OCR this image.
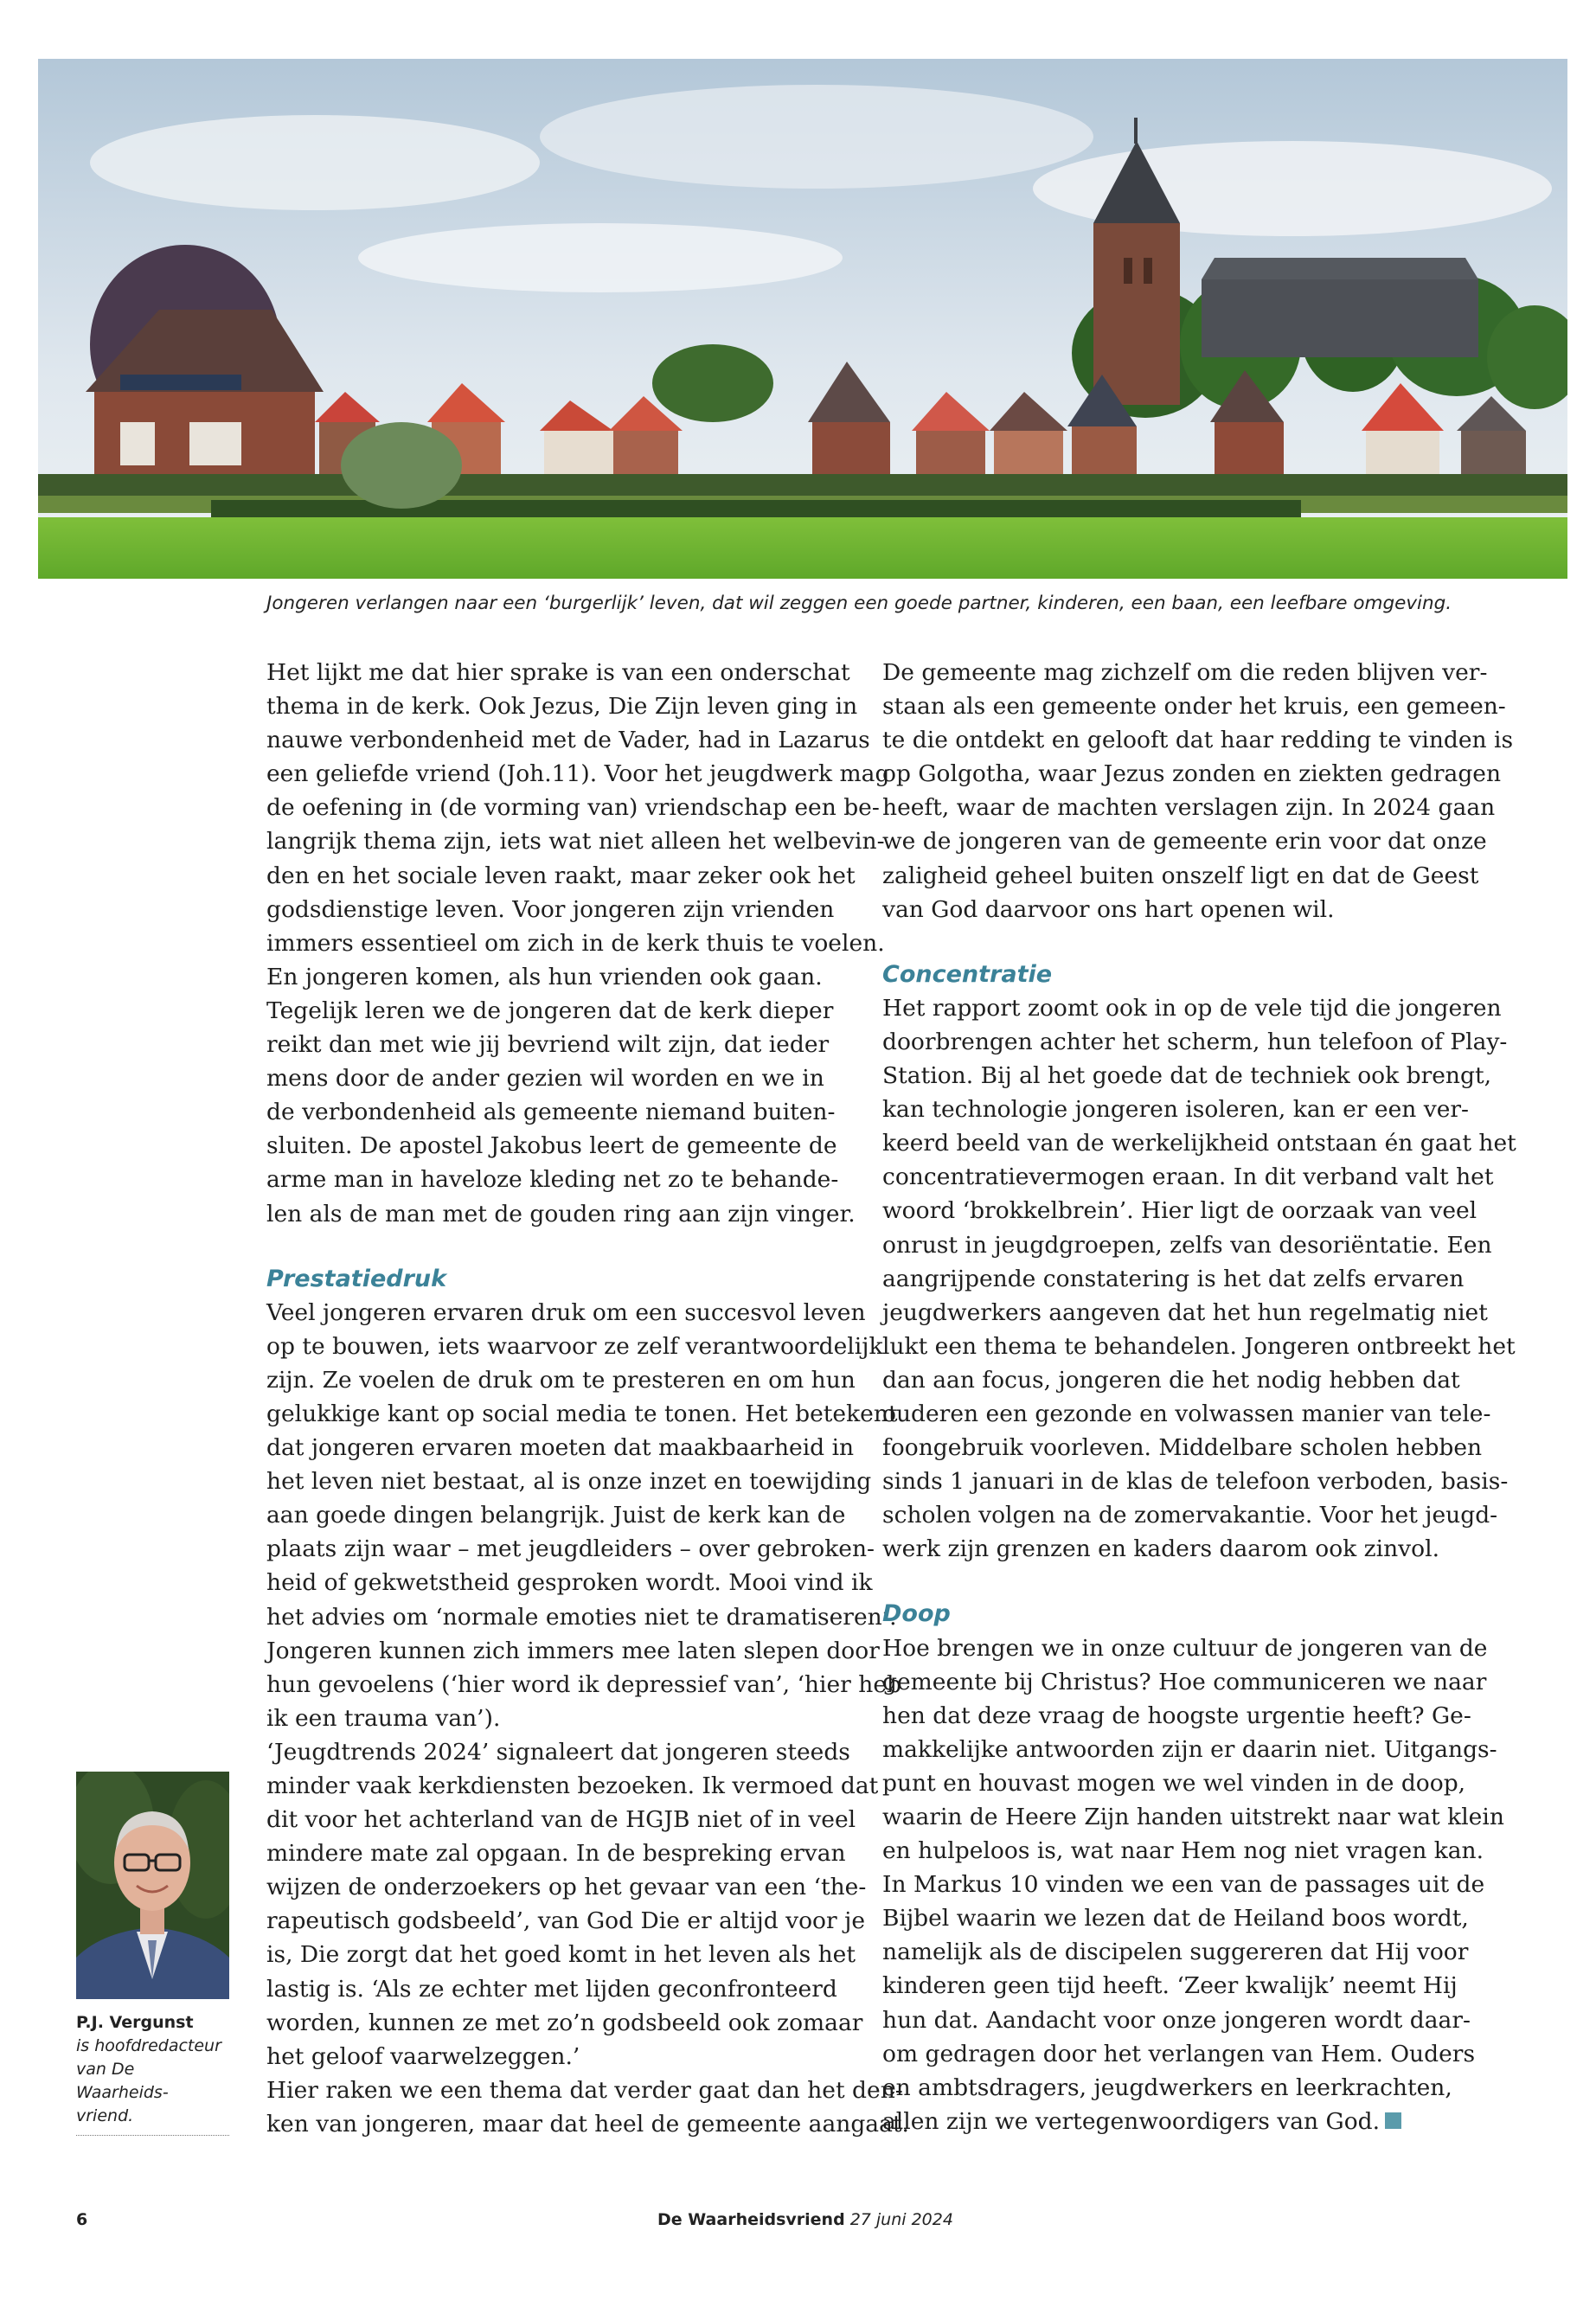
Jongeren verlangen naar een ‘burgerlijk’ leven, dat wil zeggen een goede partner, kinderen, een baan, een leefbare omgeving.
Het lijkt me dat hier sprake is van een onderschat
thema in de kerk. Ook Jezus, Die Zijn leven ging in
nauwe verbondenheid met de Vader, had in Lazarus
een geliefde vriend (Joh.11). Voor het jeugdwerk mag
de oefening in (de vorming van) vriendschap een be-
langrijk thema zijn, iets wat niet alleen het welbevin-
den en het sociale leven raakt, maar zeker ook het
godsdienstige leven. Voor jongeren zijn vrienden
immers essentieel om zich in de kerk thuis te voelen.
En jongeren komen, als hun vrienden ook gaan.
Tegelijk leren we de jongeren dat de kerk dieper
reikt dan met wie jij bevriend wilt zijn, dat ieder
mens door de ander gezien wil worden en we in
de verbondenheid als gemeente niemand buiten-
sluiten. De apostel Jakobus leert de gemeente de
arme man in haveloze kleding net zo te behande-
len als de man met de gouden ring aan zijn vinger.
Prestatiedruk
Veel jongeren ervaren druk om een succesvol leven
op te bouwen, iets waarvoor ze zelf verantwoordelijk
zijn. Ze voelen de druk om te presteren en om hun
gelukkige kant op social media te tonen. Het betekent
dat jongeren ervaren moeten dat maakbaarheid in
het leven niet bestaat, al is onze inzet en toewijding
aan goede dingen belangrijk. Juist de kerk kan de
plaats zijn waar – met jeugdleiders – over gebroken-
heid of gekwetstheid gesproken wordt. Mooi vind ik
het advies om ‘normale emoties niet te dramatiseren’.
Jongeren kunnen zich immers mee laten slepen door
hun gevoelens (‘hier word ik depressief van’, ‘hier heb
ik een trauma van’).
‘Jeugdtrends 2024’ signaleert dat jongeren steeds
minder vaak kerkdiensten bezoeken. Ik vermoed dat
dit voor het achterland van de HGJB niet of in veel
mindere mate zal opgaan. In de bespreking ervan
wijzen de onderzoekers op het gevaar van een ‘the-
rapeutisch godsbeeld’, van God Die er altijd voor je
is, Die zorgt dat het goed komt in het leven als het
lastig is. ‘Als ze echter met lijden geconfronteerd
worden, kunnen ze met zo’n godsbeeld ook zomaar
het geloof vaarwelzeggen.’
Hier raken we een thema dat verder gaat dan het den-
ken van jongeren, maar dat heel de gemeente aangaat.
De gemeente mag zichzelf om die reden blijven ver-
staan als een gemeente onder het kruis, een gemeen-
te die ontdekt en gelooft dat haar redding te vinden is
op Golgotha, waar Jezus zonden en ziekten gedragen
heeft, waar de machten verslagen zijn. In 2024 gaan
we de jongeren van de gemeente erin voor dat onze
zaligheid geheel buiten onszelf ligt en dat de Geest
van God daarvoor ons hart openen wil.
Concentratie
Het rapport zoomt ook in op de vele tijd die jongeren
doorbrengen achter het scherm, hun telefoon of Play-
Station. Bij al het goede dat de techniek ook brengt,
kan technologie jongeren isoleren, kan er een ver-
keerd beeld van de werkelijkheid ontstaan én gaat het
concentratievermogen eraan. In dit verband valt het
woord ‘brokkelbrein’. Hier ligt de oorzaak van veel
onrust in jeugdgroepen, zelfs van desoriëntatie. Een
aangrijpende constatering is het dat zelfs ervaren
jeugdwerkers aangeven dat het hun regelmatig niet
lukt een thema te behandelen. Jongeren ontbreekt het
dan aan focus, jongeren die het nodig hebben dat
ouderen een gezonde en volwassen manier van tele-
foongebruik voorleven. Middelbare scholen hebben
sinds 1 januari in de klas de telefoon verboden, basis-
scholen volgen na de zomervakantie. Voor het jeugd-
werk zijn grenzen en kaders daarom ook zinvol.
Doop
Hoe brengen we in onze cultuur de jongeren van de
gemeente bij Christus? Hoe communiceren we naar
hen dat deze vraag de hoogste urgentie heeft? Ge-
makkelijke antwoorden zijn er daarin niet. Uitgangs-
punt en houvast mogen we wel vinden in de doop,
waarin de Heere Zijn handen uitstrekt naar wat klein
en hulpeloos is, wat naar Hem nog niet vragen kan.
In Markus 10 vinden we een van de passages uit de
Bijbel waarin we lezen dat de Heiland boos wordt,
namelijk als de discipelen suggereren dat Hij voor
kinderen geen tijd heeft. ‘Zeer kwalijk’ neemt Hij
hun dat. Aandacht voor onze jongeren wordt daar-
om gedragen door het verlangen van Hem. Ouders
en ambtsdragers, jeugdwerkers en leerkrachten,
allen zijn we vertegenwoordigers van God.
P.J. Vergunst
is hoofdredacteur
van De Waarheids-
vriend.
6	De Waarheidsvriend 27 juni 2024
